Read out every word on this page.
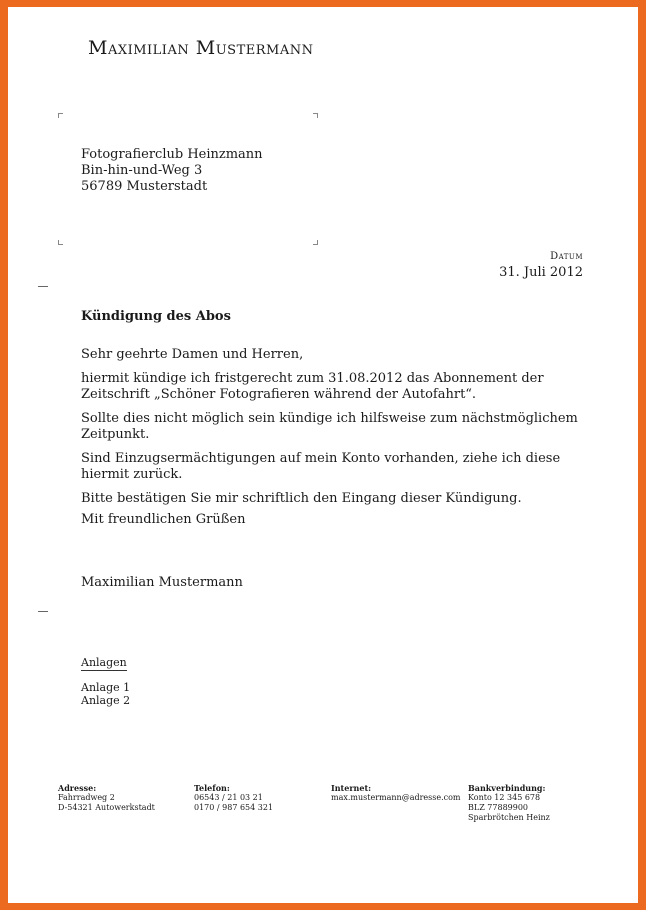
Maximilian Mustermann
Fotografierclub Heinzmann
Bin-hin-und-Weg 3
56789 Musterstadt
Datum
31. Juli 2012
Kündigung des Abos
Sehr geehrte Damen und Herren,

hiermit kündige ich fristgerecht zum 31.08.2012 das Abonnement der Zeitschrift „Schöner Fotografieren während der Autofahrt“.

Sollte dies nicht möglich sein kündige ich hilfsweise zum nächstmöglichem Zeitpunkt.

Sind Einzugsermächtigungen auf mein Konto vorhanden, ziehe ich diese hiermit zurück.

Bitte bestätigen Sie mir schriftlich den Eingang dieser Kündigung.

Mit freundlichen Grüßen
Maximilian Mustermann
Anlagen
Anlage 1
Anlage 2
Adresse:
Fahrradweg 2
D-54321 Autowerkstadt
Telefon:
06543 / 21 03 21
0170 / 987 654 321
Internet:
max.mustermann@adresse.com
Bankverbindung:
Konto 12 345 678
BLZ 77889900
Sparbrötchen Heinz
